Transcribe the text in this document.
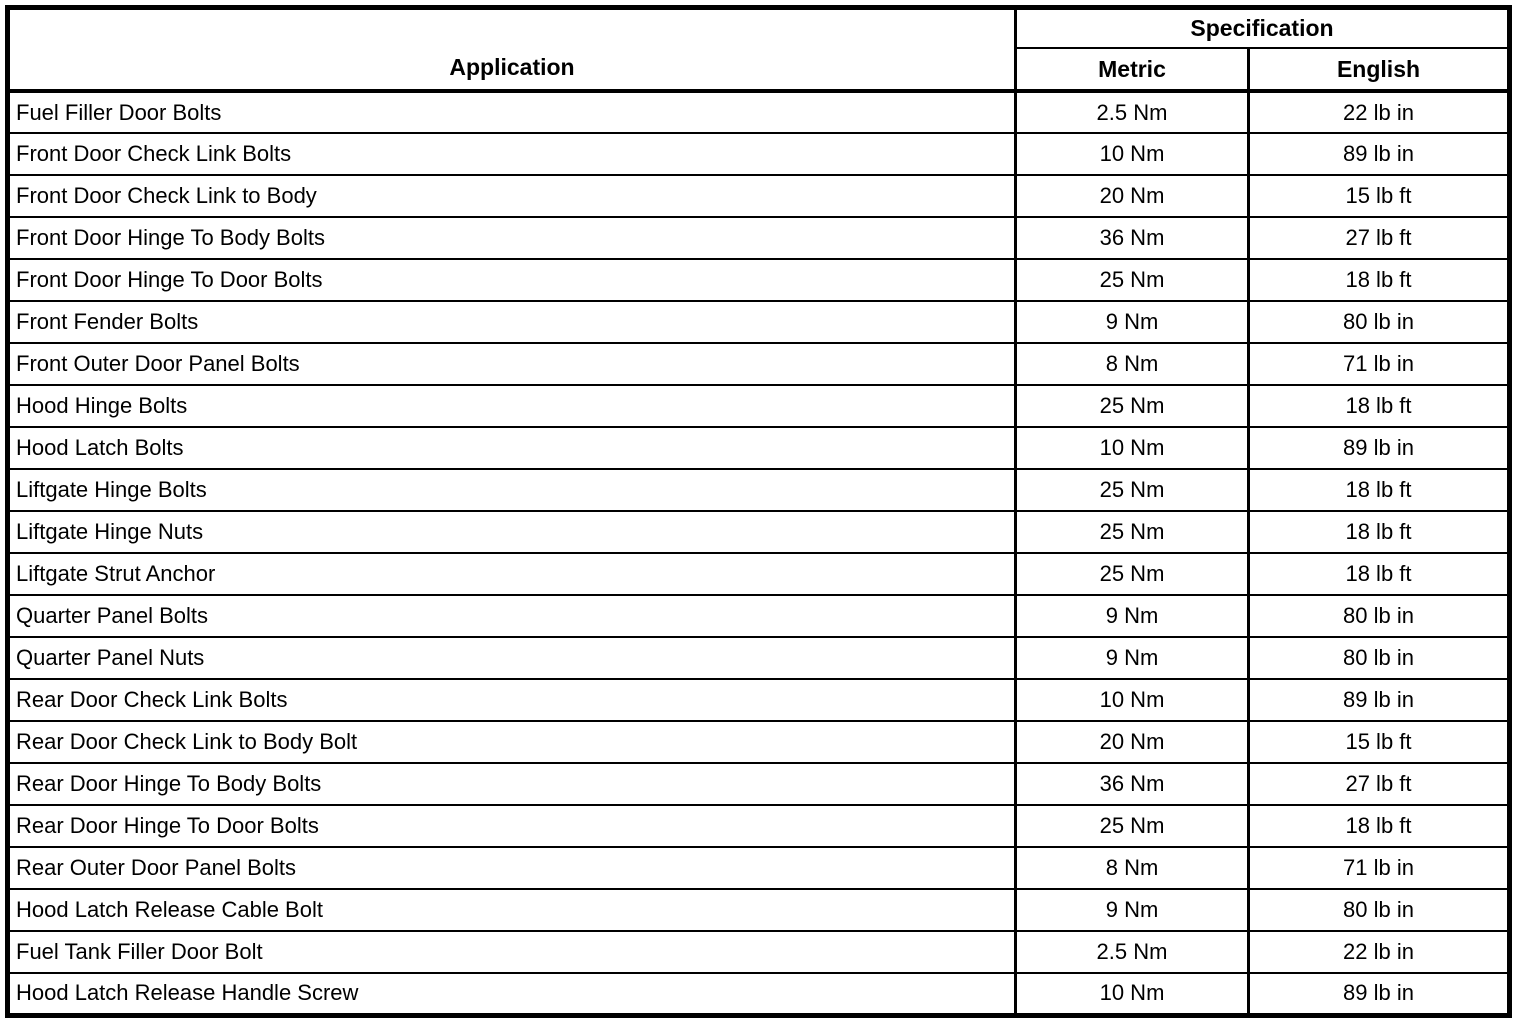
Application	Specification	
	Metric	English
Fuel Filler Door Bolts	2.5 Nm	22 lb in
Front Door Check Link Bolts	10 Nm	89 lb in
Front Door Check Link to Body	20 Nm	15 lb ft
Front Door Hinge To Body Bolts	36 Nm	27 lb ft
Front Door Hinge To Door Bolts	25 Nm	18 lb ft
Front Fender Bolts	9 Nm	80 lb in
Front Outer Door Panel Bolts	8 Nm	71 lb in
Hood Hinge Bolts	25 Nm	18 lb ft
Hood Latch Bolts	10 Nm	89 lb in
Liftgate Hinge Bolts	25 Nm	18 lb ft
Liftgate Hinge Nuts	25 Nm	18 lb ft
Liftgate Strut Anchor	25 Nm	18 lb ft
Quarter Panel Bolts	9 Nm	80 lb in
Quarter Panel Nuts	9 Nm	80 lb in
Rear Door Check Link Bolts	10 Nm	89 lb in
Rear Door Check Link to Body Bolt	20 Nm	15 lb ft
Rear Door Hinge To Body Bolts	36 Nm	27 lb ft
Rear Door Hinge To Door Bolts	25 Nm	18 lb ft
Rear Outer Door Panel Bolts	8 Nm	71 lb in
Hood Latch Release Cable Bolt	9 Nm	80 lb in
Fuel Tank Filler Door Bolt	2.5 Nm	22 lb in
Hood Latch Release Handle Screw	10 Nm	89 lb in
